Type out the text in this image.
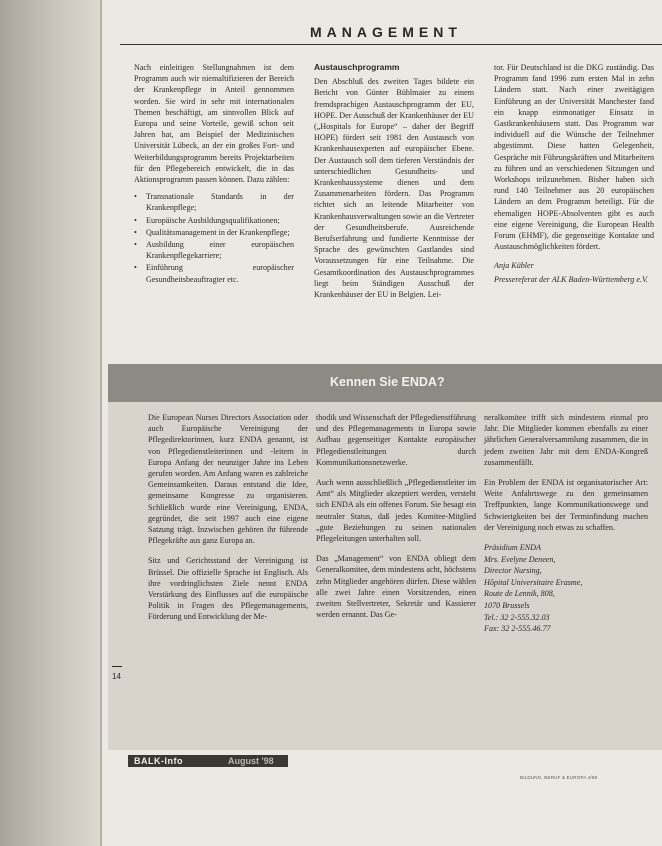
MANAGEMENT

Nach einleitigen Stellungnahmen ist dem Programm auch wir niemaltifizieren der Bereich der Krankenpflege in Anteil gennommen worden. Sie wird in sehr mit internationalen Themen beschäftigt, am sinnvollen Blick auf Europa und seine Vorteile, gewiß schon seit Jahren hat, am Beispiel der Medizinischen Universität Lübeck, an der ein großes Fort- und Weiterbildungsprogramm bereits Projektarbeiten für den Pflegebereich entwickelt, die in das Aktionsprogramm passen können. Dazu zählen:

• Transnationale Standards in der Krankenpflege;
• Europäische Ausbildungsqualifikationen;
• Qualitätsmanagement in der Krankenpflege;
• Ausbildung einer europäischen Krankenpflegekarriere;
• Einführung europäischer Gesundheitsbeauftragter etc.
Austauschprogramm

Den Abschluß des zweiten Tages bildete ein Bericht von Günter Bühlmaier zu einem fremdsprachigen Austauschprogramm der EU, HOPE. Der Ausschuß der Krankenhäuser der EU („Hospitals for Europe“ – daher der Begriff HOPE) fördert seit 1981 den Austausch von Krankenhausexperten auf europäischer Ebene. Der Austausch soll dem tieferen Verständnis der unterschiedlichen Gesundheits- und Krankenhaussysteme dienen und dem Zusammenarbeiten fördern. Das Programm richtet sich an leitende Mitarbeiter von Krankenhausverwaltungen sowie an die Vertreter der Gesundheitsberufe. Ausreichende Berufserfahrung und fundierte Kenntnisse der Sprache des gewünschten Gastlandes sind Voraussetzungen für eine Teilnahme. Die Gesamtkoordination des Austauschprogrammes liegt beim Ständigen Ausschuß der Krankenhäuser der EU in Belgien. Lei-

tor. Für Deutschland ist die DKG zuständig. Das Programm fand 1996 zum ersten Mal in zehn Ländern statt. Nach einer zweitägigen Einführung an der Universität Manchester fand ein knapp einmonatiger Einsatz in Gastkrankenhäusern statt. Das Programm war individuell auf die Wünsche der Teilnehmer abgestimmt. Diese hatten Gelegenheit, Gespräche mit Führungskräften und Mitarbeitern zu führen und an verschiedenen Sitzungen und Workshops teilzunehmen. Bisher haben sich rund 140 Teilnehmer aus 20 europäischen Ländern an dem Programm beteiligt. Für die ehemaligen HOPE-Absolventen gibt es auch eine eigene Vereinigung, die European Health Forum (EHMF), die gegenseitige Kontakte und Austauschmöglichkeiten fördert.

Anja Kübler
Pressereferat der ALK Baden-Württemberg e.V.
Kennen Sie ENDA?

Die European Nurses Directors Association oder auch Europäische Vereinigung der Pflegedirektorinnen, kurz ENDA genannt, ist von Pflegedienstleiterinnen und -leitern in Europa Anfang der neunziger Jahre ins Leben gerufen worden. Am Anfang waren es zahlreiche Gemeinsamkeiten. Daraus entstand die Idee, gemeinsame Kongresse zu organisieren. Schließlich wurde eine Vereinigung, ENDA, gegründet, die seit 1997 auch eine eigene Satzung trägt. Inzwischen gehören ihr führende Pflegekräfte aus ganz Europa an.

Sitz und Gerichtsstand der Vereinigung ist Brüssel. Die offizielle Sprache ist Englisch. Als ihre vordringlichsten Ziele nennt ENDA Verstärkung des Einflusses auf die europäische Politik in Fragen des Pflegemanagements, Förderung und Entwicklung der Me-

thodik und Wissenschaft der Pflegedienstführung und des Pflegemanagements in Europa sowie Aufbau gegenseitiger Kontakte europäischer Pflegedienstleitungen durch Kommunikationsnetzwerke.

Auch wenn ausschließlich „Pflegedienstleiter im Amt“ als Mitglieder akzeptiert werden, versteht sich ENDA als ein offenes Forum. Sie besagt ein neutraler Status, daß jedes Komitee-Mitglied „gute Beziehungen zu seinen nationalen Pflegeleitungen unterhalten soll.

Das „Management“ von ENDA obliegt dem Generalkomitee, dem mindestens acht, höchstens zehn Mitglieder angehören dürfen. Diese wählen alle zwei Jahre einen Vorsitzenden, einen zweiten Stellvertreter, Sekretär und Kassierer werden ernannt. Das Ge-

neralkomitee trifft sich mindestens einmal pro Jahr. Die Mitglieder kommen ebenfalls zu einer jährlichen Generalversammlung zusammen, die in jedem zweiten Jahr mit dem ENDA-Kongreß zusammenfällt.

Ein Problem der ENDA ist organisatorischer Art: Weite Anfahrtswege zu den gemeinsamen Treffpunkten, lange Kommunikationswege und Schwierigkeiten bei der Terminfindung machen der Vereinigung noch etwas zu schaffen.

Präsidium ENDA
Mrs. Evelyne Deneen,
Director Nursing,
Hôpital Universitaire Erasme,
Route de Lennik, 808,
1070 Brussels
Tel.: 32 2-555.32.03
Fax: 32 2-555.46.77
14
BALK-Info	August '98
BILDUNG, BERUF & EUROPA 4/98
